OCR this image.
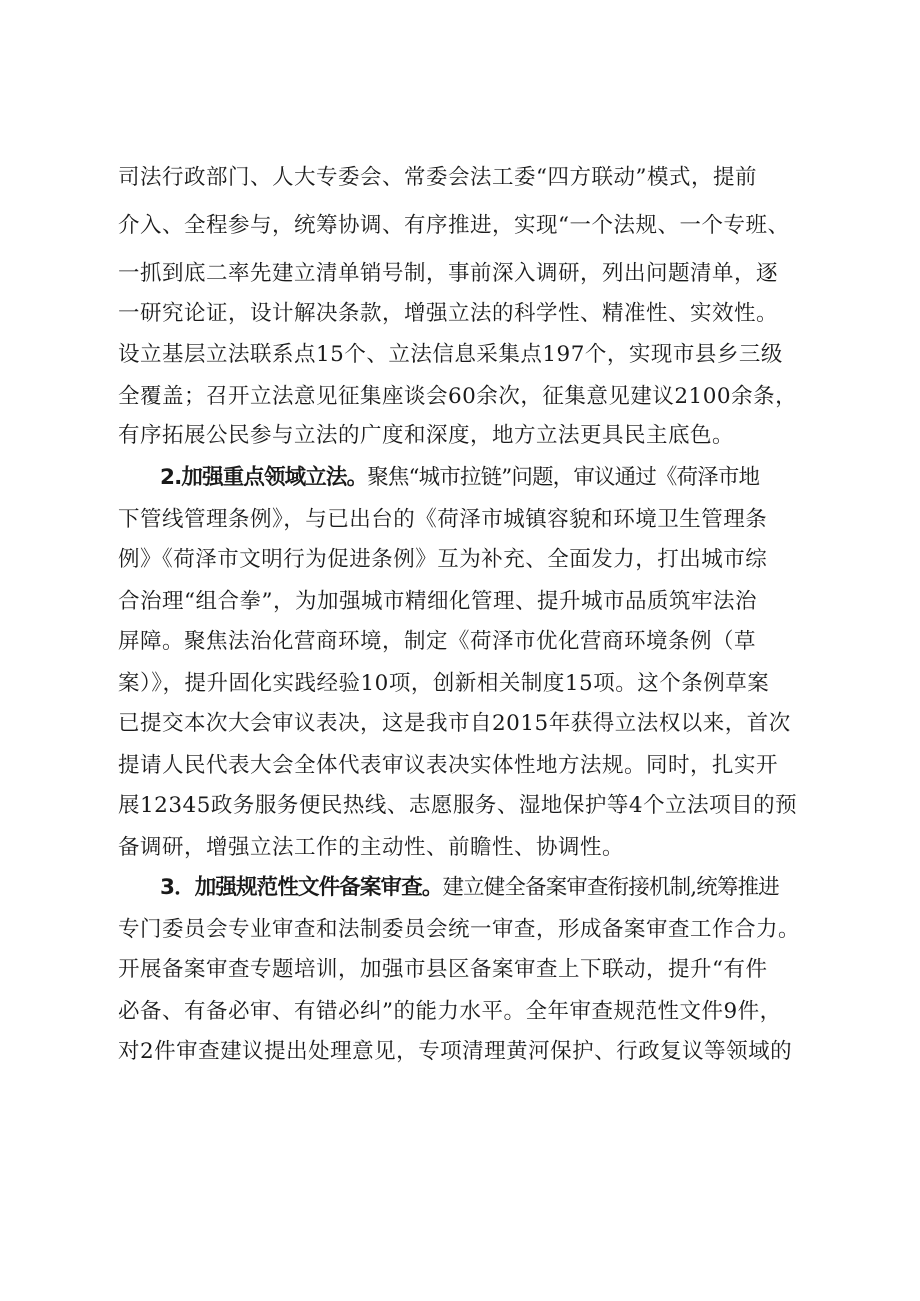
司法行政部门、人大专委会、常委会法工委“四方联动”模式，提前
介入、全程参与，统筹协调、有序推进，实现“一个法规、一个专班、
一抓到底二率先建立清单销号制，事前深入调研，列出问题清单，逐
一研究论证，设计解决条款，增强立法的科学性、精准性、实效性。
设立基层立法联系点15个、立法信息采集点197个，实现市县乡三级
全覆盖；召开立法意见征集座谈会60余次，征集意见建议2100余条，
有序拓展公民参与立法的广度和深度，地方立法更具民主底色。
2.加强重点领域立法。聚焦“城市拉链”问题，审议通过《荷泽市地
下管线管理条例》，与已出台的《荷泽市城镇容貌和环境卫生管理条
例》《荷泽市文明行为促进条例》互为补充、全面发力，打出城市综
合治理“组合拳”，为加强城市精细化管理、提升城市品质筑牢法治
屏障。聚焦法治化营商环境，制定《荷泽市优化营商环境条例（草
案）》，提升固化实践经验10项，创新相关制度15项。这个条例草案
已提交本次大会审议表决，这是我市自2015年获得立法权以来，首次
提请人民代表大会全体代表审议表决实体性地方法规。同时，扎实开
展12345政务服务便民热线、志愿服务、湿地保护等4个立法项目的预
备调研，增强立法工作的主动性、前瞻性、协调性。
3．加强规范性文件备案审查。建立健全备案审查衔接机制,统筹推进
专门委员会专业审查和法制委员会统一审查，形成备案审查工作合力。
开展备案审查专题培训，加强市县区备案审查上下联动，提升“有件
必备、有备必审、有错必纠”的能力水平。全年审查规范性文件9件，
对2件审查建议提出处理意见，专项清理黄河保护、行政复议等领域的
